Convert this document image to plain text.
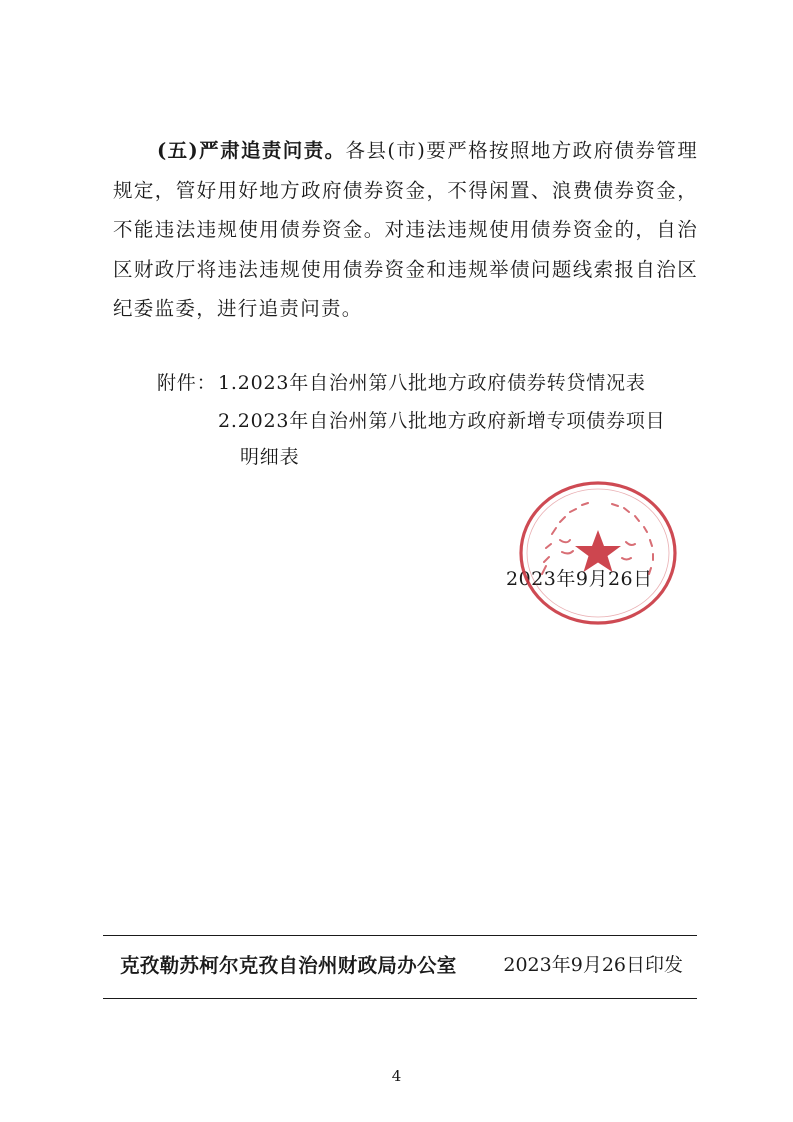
(五)严肃追责问责。各县(市)要严格按照地方政府债券管理规定，管好用好地方政府债券资金，不得闲置、浪费债券资金，不能违法违规使用债券资金。对违法违规使用债券资金的，自治区财政厅将违法违规使用债券资金和违规举债问题线索报自治区纪委监委，进行追责问责。
附件： 1.2023年自治州第八批地方政府债券转贷情况表
2.2023年自治州第八批地方政府新增专项债券项目
明细表
2023年9月26日
克孜勒苏柯尔克孜自治州财政局办公室 2023年9月26日印发
4
